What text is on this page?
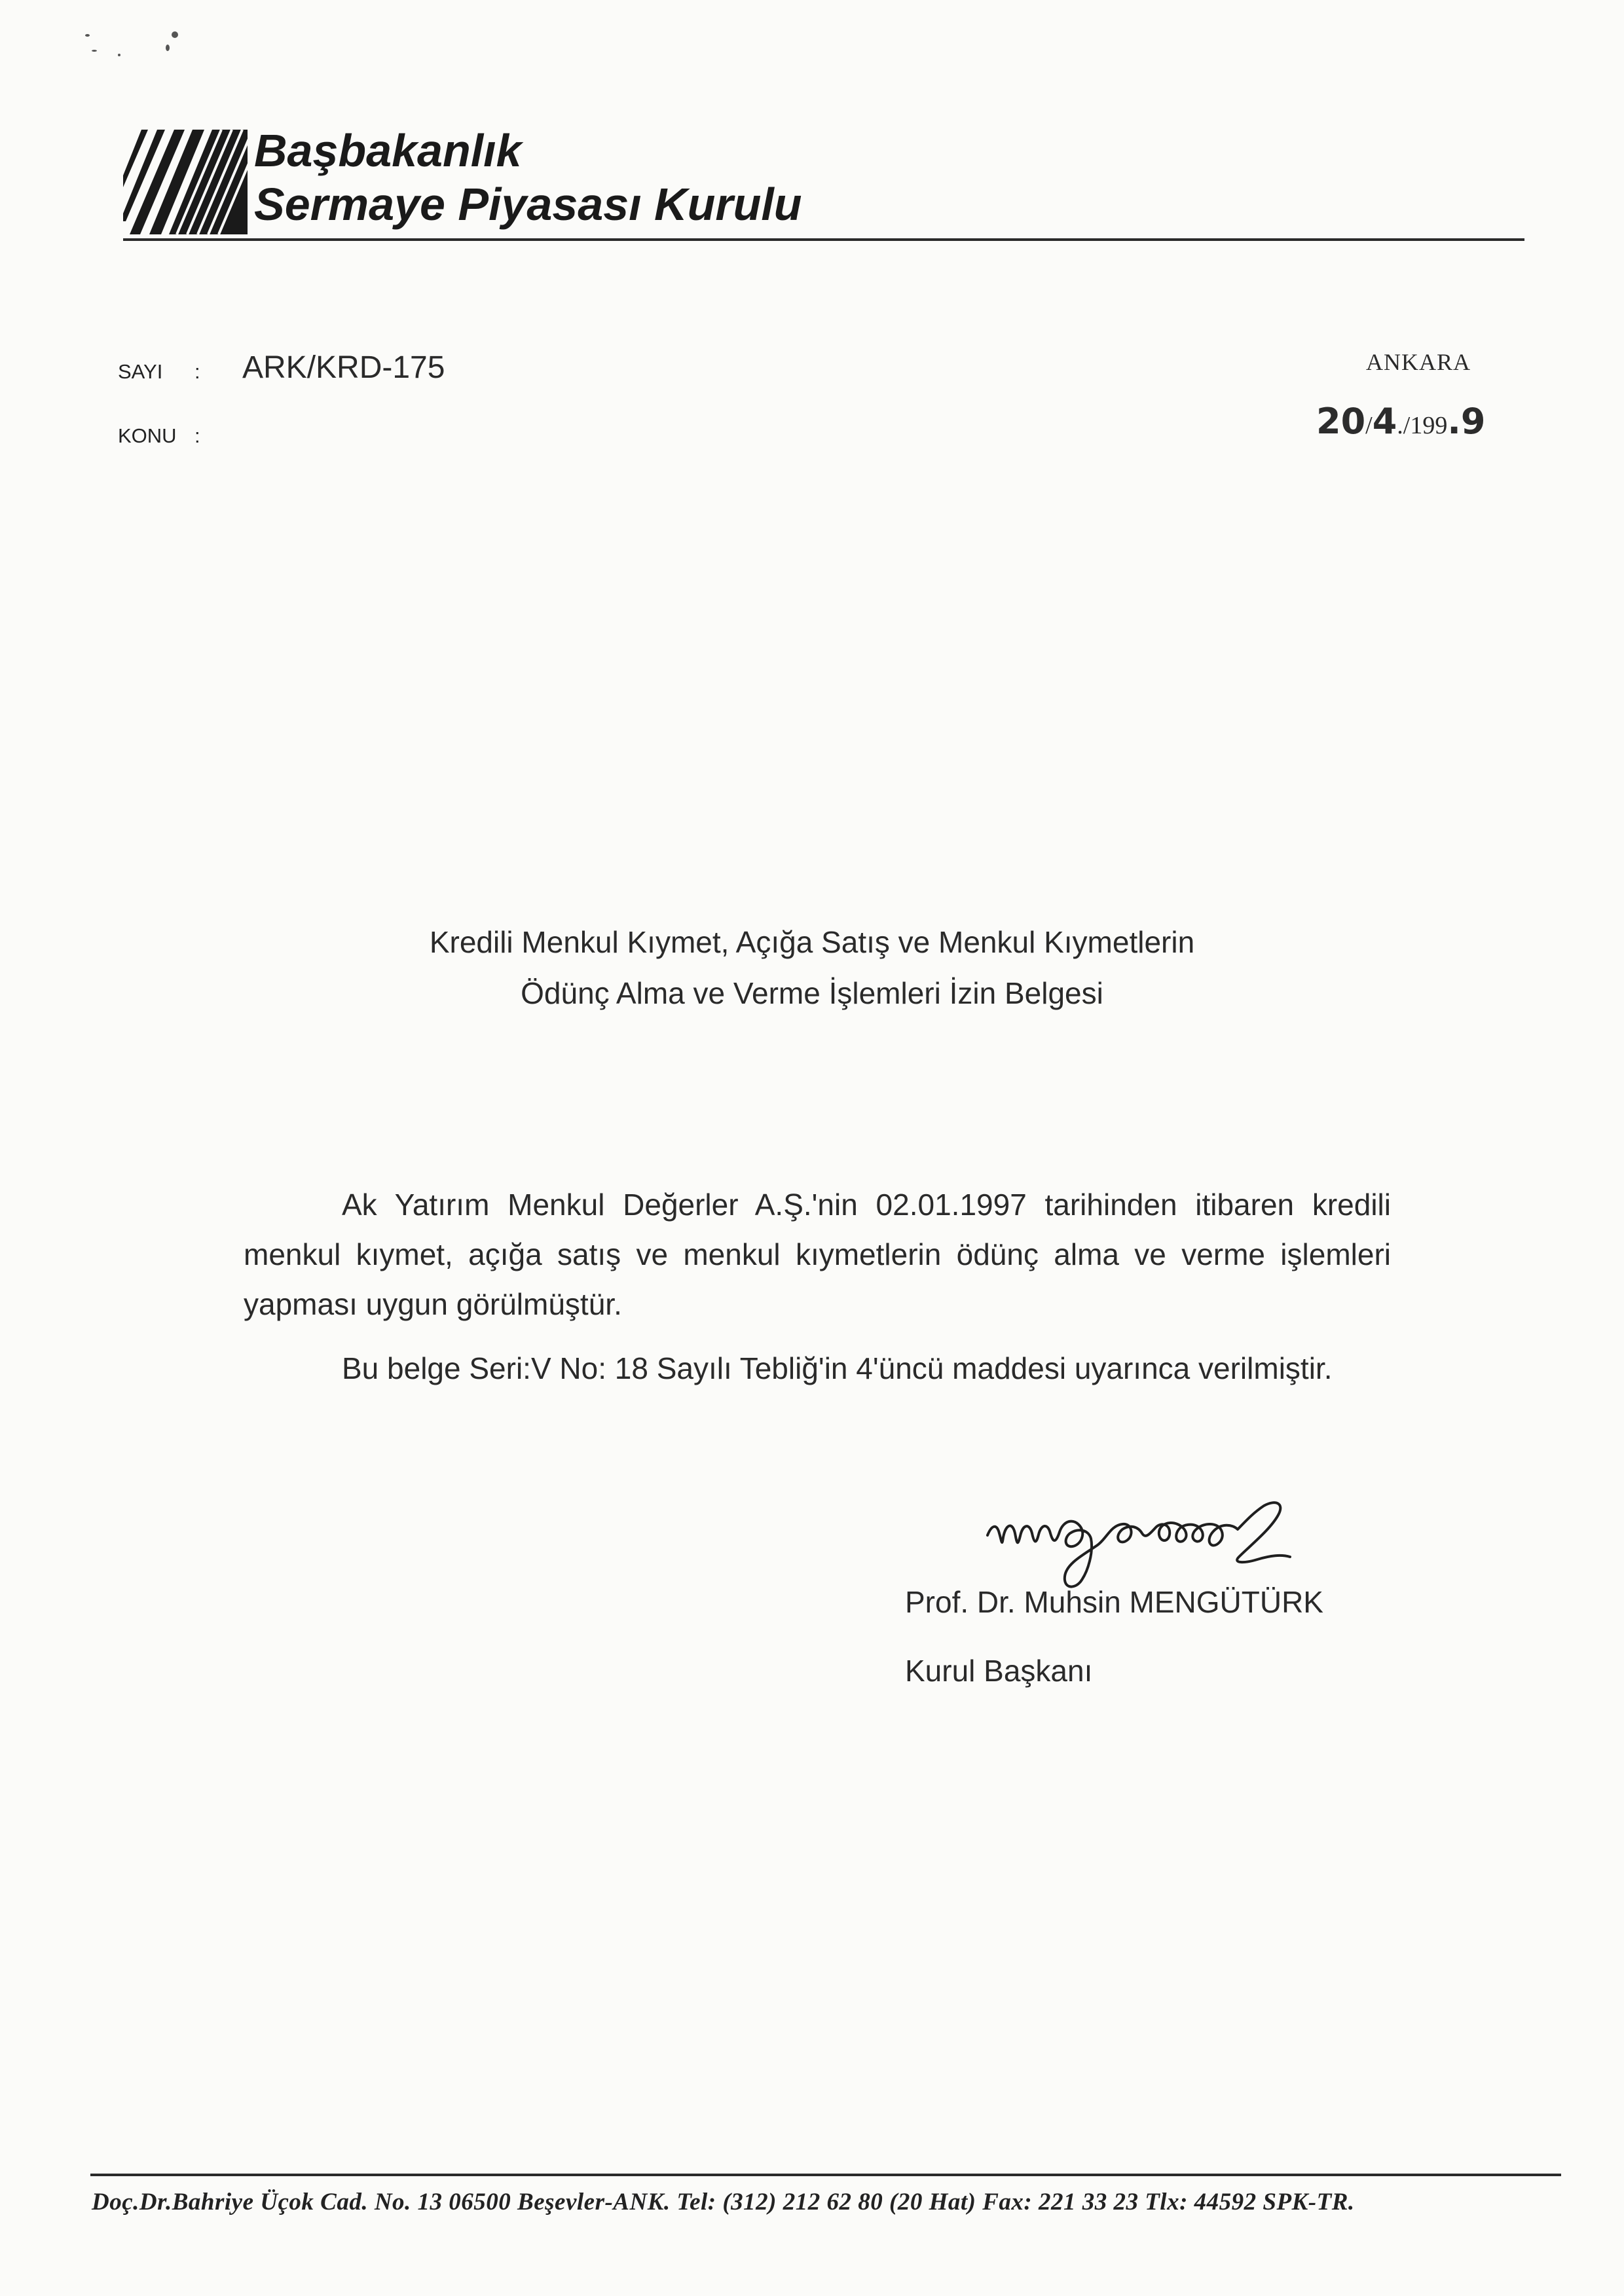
Başbakanlık
Sermaye Piyasası Kurulu
SAYI : ARK/KRD-175
KONU :
ANKARA
20/4./199.9
Kredili Menkul Kıymet, Açığa Satış ve Menkul Kıymetlerin
Ödünç Alma ve Verme İşlemleri İzin Belgesi
Ak Yatırım Menkul Değerler A.Ş.'nin 02.01.1997 tarihinden itibaren kredili menkul kıymet, açığa satış ve menkul kıymetlerin ödünç alma ve verme işlemleri yapması uygun görülmüştür.
Bu belge Seri:V No: 18 Sayılı Tebliğ'in 4'üncü maddesi uyarınca verilmiştir.
Prof. Dr. Muhsin MENGÜTÜRK
Kurul Başkanı
Doç.Dr.Bahriye Üçok Cad. No. 13 06500 Beşevler-ANK. Tel: (312) 212 62 80 (20 Hat) Fax: 221 33 23 Tlx: 44592 SPK-TR.
